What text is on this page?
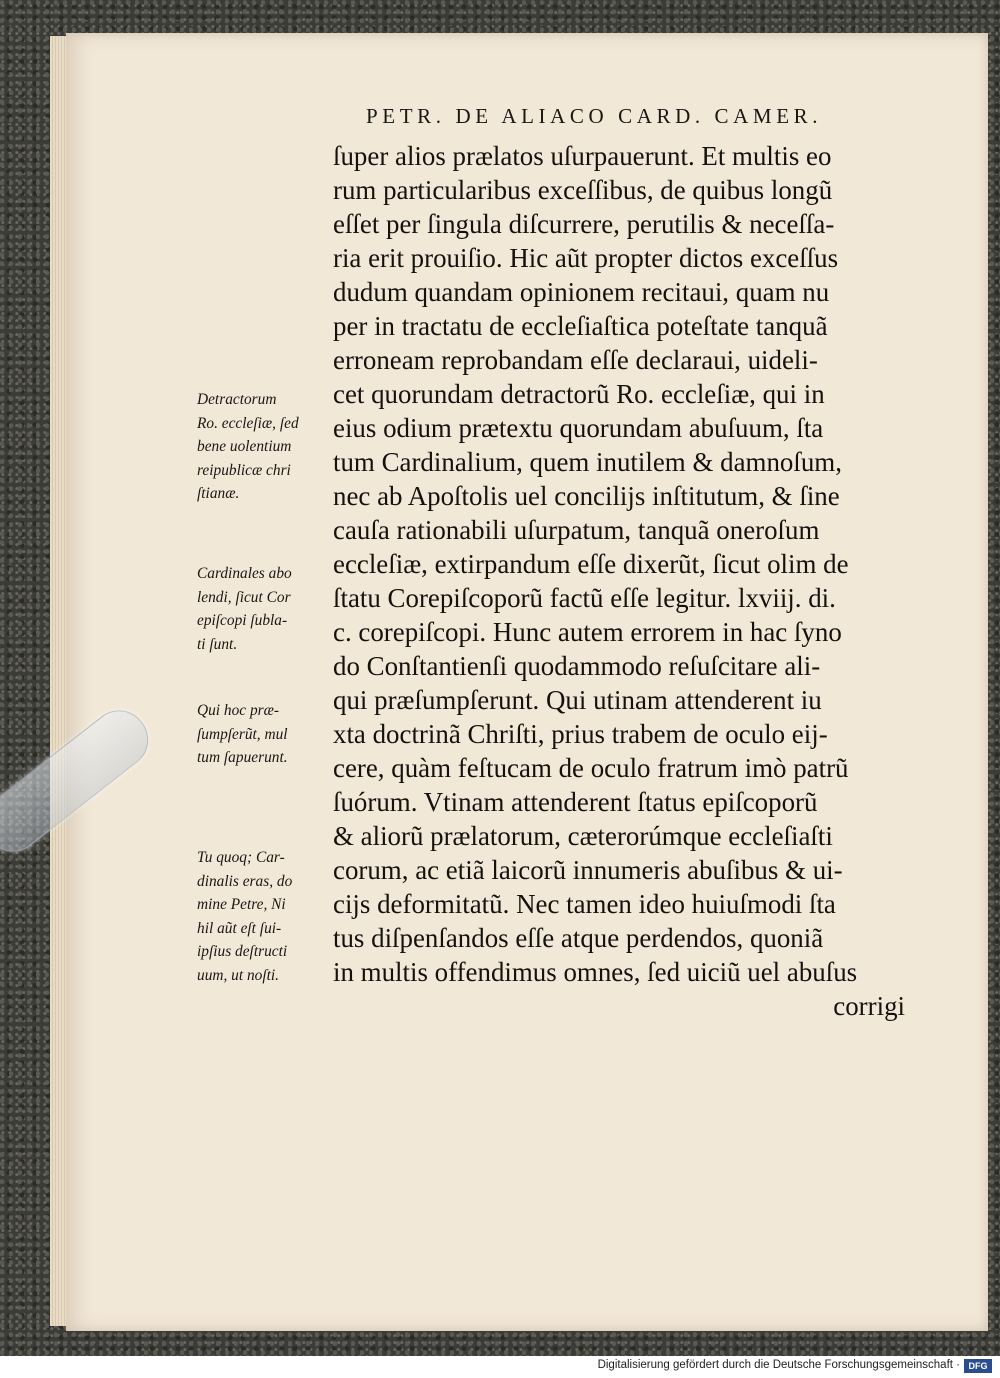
PETR. DE ALIACO CARD. CAMER.
ſuper alios prælatos uſurpauerunt. Et multis eo
rum particularibus exceſſibus, de quibus longũ
eſſet per ſingula diſcurrere, perutilis & neceſſa-
ria erit prouiſio. Hic aũt propter dictos exceſſus
dudum quandam opinionem recitaui, quam nu
per in tractatu de eccleſiaſtica poteſtate tanquã
erroneam reprobandam eſſe declaraui, uideli-
cet quorundam detractorũ Ro. eccleſiæ, qui in
eius odium prætextu quorundam abuſuum, ſta
tum Cardinalium, quem inutilem & damnoſum,
nec ab Apoſtolis uel concilijs inſtitutum, & ſine
cauſa rationabili uſurpatum, tanquã oneroſum
eccleſiæ, extirpandum eſſe dixerũt, ſicut olim de
ſtatu Corepiſcoporũ factũ eſſe legitur. lxviij. di.
c. corepiſcopi. Hunc autem errorem in hac ſyno
do Conſtantienſi quodammodo reſuſcitare ali-
qui præſumpſerunt. Qui utinam attenderent iu
xta doctrinã Chriſti, prius trabem de oculo eij-
cere, quàm feſtucam de oculo fratrum imò patrũ
ſuórum. Vtinam attenderent ſtatus epiſcoporũ
& aliorũ prælatorum, cæterorúmque eccleſiaſti
corum, ac etiã laicorũ innumeris abuſibus & ui-
cijs deformitatũ. Nec tamen ideo huiuſmodi ſta
tus diſpenſandos eſſe atque perdendos, quoniã
in multis offendimus omnes, ſed uiciũ uel abuſus
corrigi
Detractorum
Ro. eccleſiæ, ſed
bene uolentium
reipublicæ chri
ſtianæ.
Cardinales abo
lendi, ſicut Cor
epiſcopi ſubla-
ti ſunt.
Qui hoc præ-
ſumpſerũt, mul
tum ſapuerunt.
Tu quoq; Car-
dinalis eras, do
mine Petre, Ni
hil aũt eſt ſui-
ipſius deſtructi
uum, ut noſti.
Digitalisierung gefördert durch die Deutsche Forschungsgemeinschaft · DFG
